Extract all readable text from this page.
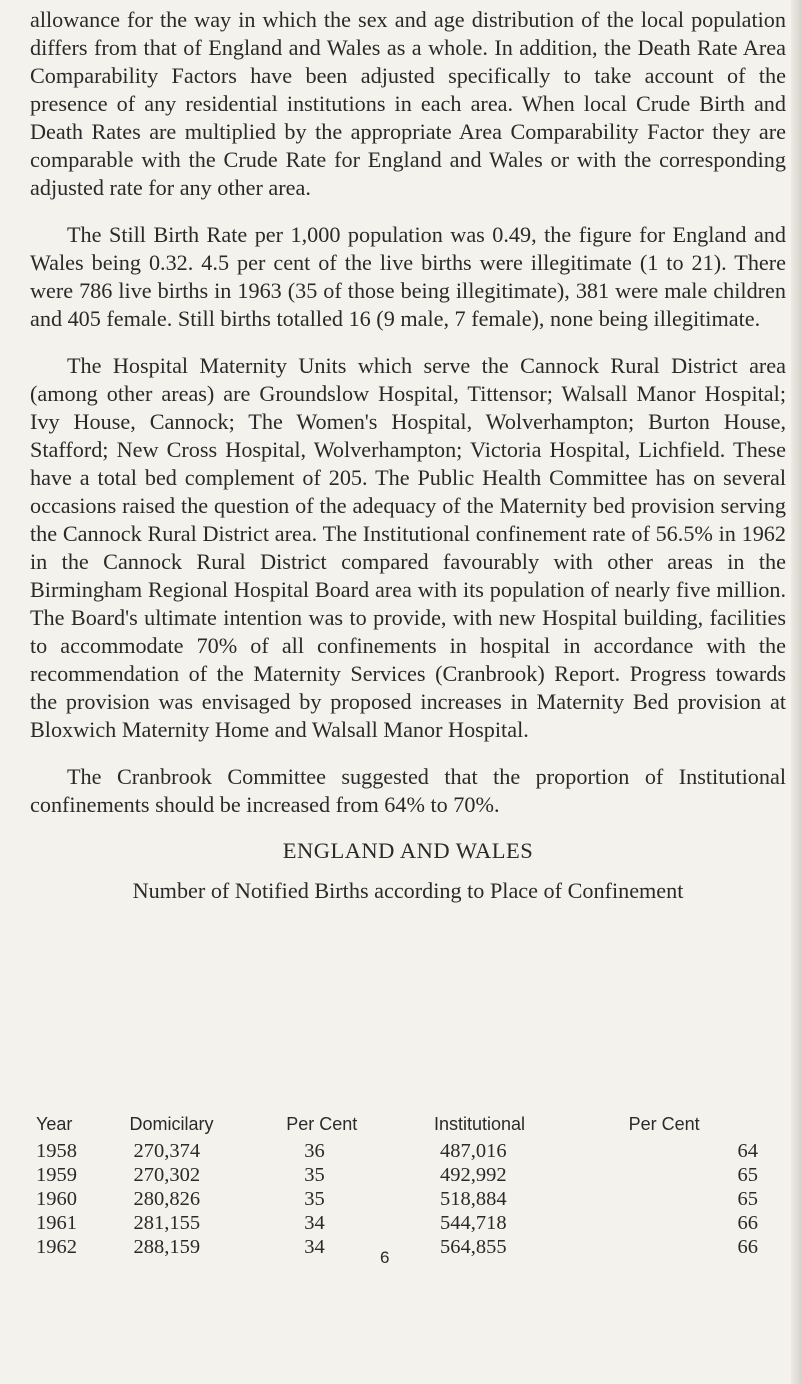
allowance for the way in which the sex and age distribution of the local population differs from that of England and Wales as a whole. In addition, the Death Rate Area Comparability Factors have been adjusted specifically to take account of the presence of any residential institutions in each area. When local Crude Birth and Death Rates are multiplied by the appropriate Area Comparability Factor they are comparable with the Crude Rate for England and Wales or with the corresponding adjusted rate for any other area.

The Still Birth Rate per 1,000 population was 0.49, the figure for England and Wales being 0.32. 4.5 per cent of the live births were illegitimate (1 to 21). There were 786 live births in 1963 (35 of those being illegitimate), 381 were male children and 405 female. Still births totalled 16 (9 male, 7 female), none being illegitimate.

The Hospital Maternity Units which serve the Cannock Rural District area (among other areas) are Groundslow Hospital, Tittensor; Walsall Manor Hospital; Ivy House, Cannock; The Women's Hospital, Wolverhampton; Burton House, Stafford; New Cross Hospital, Wolverhampton; Victoria Hospital, Lichfield. These have a total bed complement of 205. The Public Health Committee has on several occasions raised the question of the adequacy of the Maternity bed provision serving the Cannock Rural District area. The Institutional confinement rate of 56.5% in 1962 in the Cannock Rural District compared favourably with other areas in the Birmingham Regional Hospital Board area with its population of nearly five million. The Board's ultimate intention was to provide, with new Hospital building, facilities to accommodate 70% of all confinements in hospital in accordance with the recommendation of the Maternity Services (Cranbrook) Report. Progress towards the provision was envisaged by proposed increases in Maternity Bed provision at Bloxwich Maternity Home and Walsall Manor Hospital.

The Cranbrook Committee suggested that the proportion of Institutional confinements should be increased from 64% to 70%.

ENGLAND AND WALES
Number of Notified Births according to Place of Confinement
Year	Domicilary	Per Cent	Institutional	Per Cent
1958	270,374	36	487,016	64
1959	270,302	35	492,992	65
1960	280,826	35	518,884	65
1961	281,155	34	544,718	66
1962	288,159	34	564,855	66
6
